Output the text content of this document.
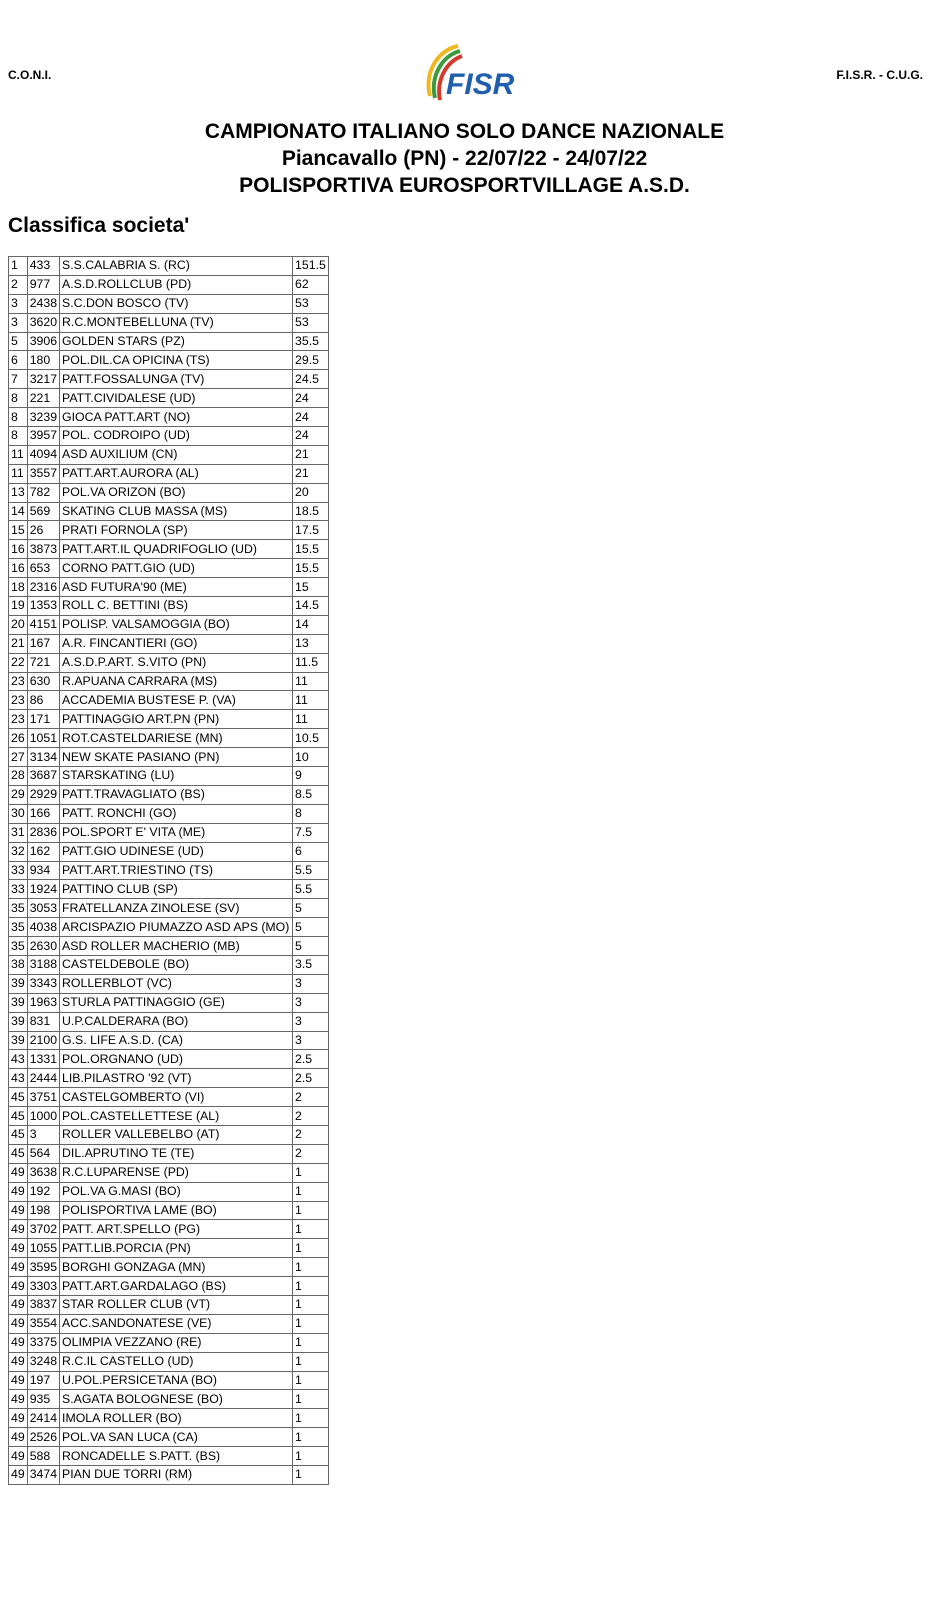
C.O.N.I.	F.I.S.R. - C.U.G.
FISR
CAMPIONATO ITALIANO SOLO DANCE NAZIONALE
Piancavallo (PN) - 22/07/22 - 24/07/22
POLISPORTIVA EUROSPORTVILLAGE A.S.D.
Classifica societa'
1	433	S.S.CALABRIA S. (RC)	151.5
2	977	A.S.D.ROLLCLUB (PD)	62
3	2438	S.C.DON BOSCO (TV)	53
3	3620	R.C.MONTEBELLUNA (TV)	53
5	3906	GOLDEN STARS (PZ)	35.5
6	180	POL.DIL.CA OPICINA (TS)	29.5
7	3217	PATT.FOSSALUNGA (TV)	24.5
8	221	PATT.CIVIDALESE (UD)	24
8	3239	GIOCA PATT.ART (NO)	24
8	3957	POL. CODROIPO (UD)	24
11	4094	ASD AUXILIUM (CN)	21
11	3557	PATT.ART.AURORA (AL)	21
13	782	POL.VA ORIZON (BO)	20
14	569	SKATING CLUB MASSA (MS)	18.5
15	26	PRATI FORNOLA (SP)	17.5
16	3873	PATT.ART.IL QUADRIFOGLIO (UD)	15.5
16	653	CORNO PATT.GIO (UD)	15.5
18	2316	ASD FUTURA'90 (ME)	15
19	1353	ROLL C. BETTINI (BS)	14.5
20	4151	POLISP. VALSAMOGGIA (BO)	14
21	167	A.R. FINCANTIERI (GO)	13
22	721	A.S.D.P.ART. S.VITO (PN)	11.5
23	630	R.APUANA CARRARA (MS)	11
23	86	ACCADEMIA BUSTESE P. (VA)	11
23	171	PATTINAGGIO ART.PN (PN)	11
26	1051	ROT.CASTELDARIESE (MN)	10.5
27	3134	NEW SKATE PASIANO (PN)	10
28	3687	STARSKATING (LU)	9
29	2929	PATT.TRAVAGLIATO (BS)	8.5
30	166	PATT. RONCHI (GO)	8
31	2836	POL.SPORT E' VITA (ME)	7.5
32	162	PATT.GIO UDINESE (UD)	6
33	934	PATT.ART.TRIESTINO (TS)	5.5
33	1924	PATTINO CLUB (SP)	5.5
35	3053	FRATELLANZA ZINOLESE (SV)	5
35	4038	ARCISPAZIO PIUMAZZO ASD APS (MO)	5
35	2630	ASD ROLLER MACHERIO (MB)	5
38	3188	CASTELDEBOLE (BO)	3.5
39	3343	ROLLERBLOT (VC)	3
39	1963	STURLA PATTINAGGIO (GE)	3
39	831	U.P.CALDERARA (BO)	3
39	2100	G.S. LIFE A.S.D. (CA)	3
43	1331	POL.ORGNANO (UD)	2.5
43	2444	LIB.PILASTRO '92 (VT)	2.5
45	3751	CASTELGOMBERTO (VI)	2
45	1000	POL.CASTELLETTESE (AL)	2
45	3	ROLLER VALLEBELBO (AT)	2
45	564	DIL.APRUTINO TE (TE)	2
49	3638	R.C.LUPARENSE (PD)	1
49	192	POL.VA G.MASI (BO)	1
49	198	POLISPORTIVA LAME (BO)	1
49	3702	PATT. ART.SPELLO (PG)	1
49	1055	PATT.LIB.PORCIA (PN)	1
49	3595	BORGHI GONZAGA (MN)	1
49	3303	PATT.ART.GARDALAGO (BS)	1
49	3837	STAR ROLLER CLUB (VT)	1
49	3554	ACC.SANDONATESE (VE)	1
49	3375	OLIMPIA VEZZANO (RE)	1
49	3248	R.C.IL CASTELLO (UD)	1
49	197	U.POL.PERSICETANA (BO)	1
49	935	S.AGATA BOLOGNESE (BO)	1
49	2414	IMOLA ROLLER (BO)	1
49	2526	POL.VA SAN LUCA (CA)	1
49	588	RONCADELLE S.PATT. (BS)	1
49	3474	PIAN DUE TORRI (RM)	1
